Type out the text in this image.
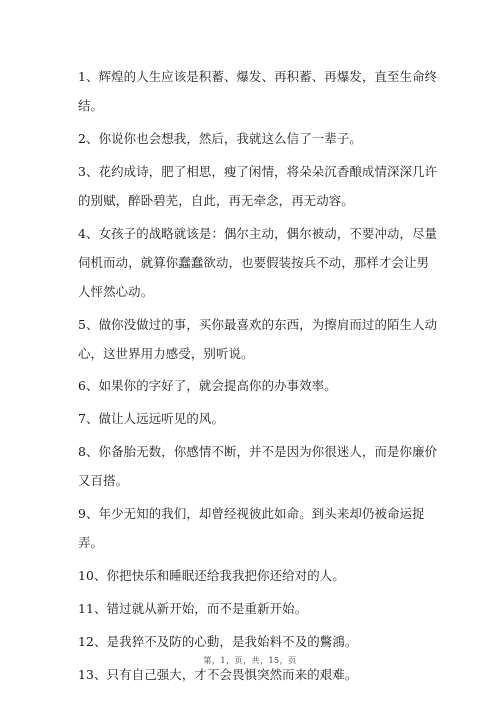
1、辉煌的人生应该是积蓄、爆发、再积蓄、再爆发，直至生命终结。

2、你说你也会想我，然后，我就这么信了一辈子。

3、花约成诗，肥了相思，瘦了闲情，将朵朵沉香酿成情深深几许的别赋，醉卧碧芜，自此，再无牵念，再无动容。

4、女孩子的战略就该是：偶尔主动，偶尔被动，不要冲动，尽量伺机而动，就算你蠢蠢欲动，也要假装按兵不动，那样才会让男人怦然心动。

5、做你没做过的事，买你最喜欢的东西，为擦肩而过的陌生人动心，这世界用力感受，别听说。

6、如果你的字好了，就会提高你的办事效率。

7、做让人远远听见的风。

8、你备胎无数，你感情不断，并不是因为你很迷人，而是你廉价又百搭。

9、年少无知的我们，却曾经视彼此如命。到头来却仍被命运捉弄。

10、你把快乐和睡眠还给我我把你还给对的人。

11、错过就从新开始，而不是重新开始。

12、是我猝不及防的心動，是我始料不及的鷩鴻。

13、只有自己强大，才不会畏惧突然而来的艰难。

第，1，页，共，15，页
